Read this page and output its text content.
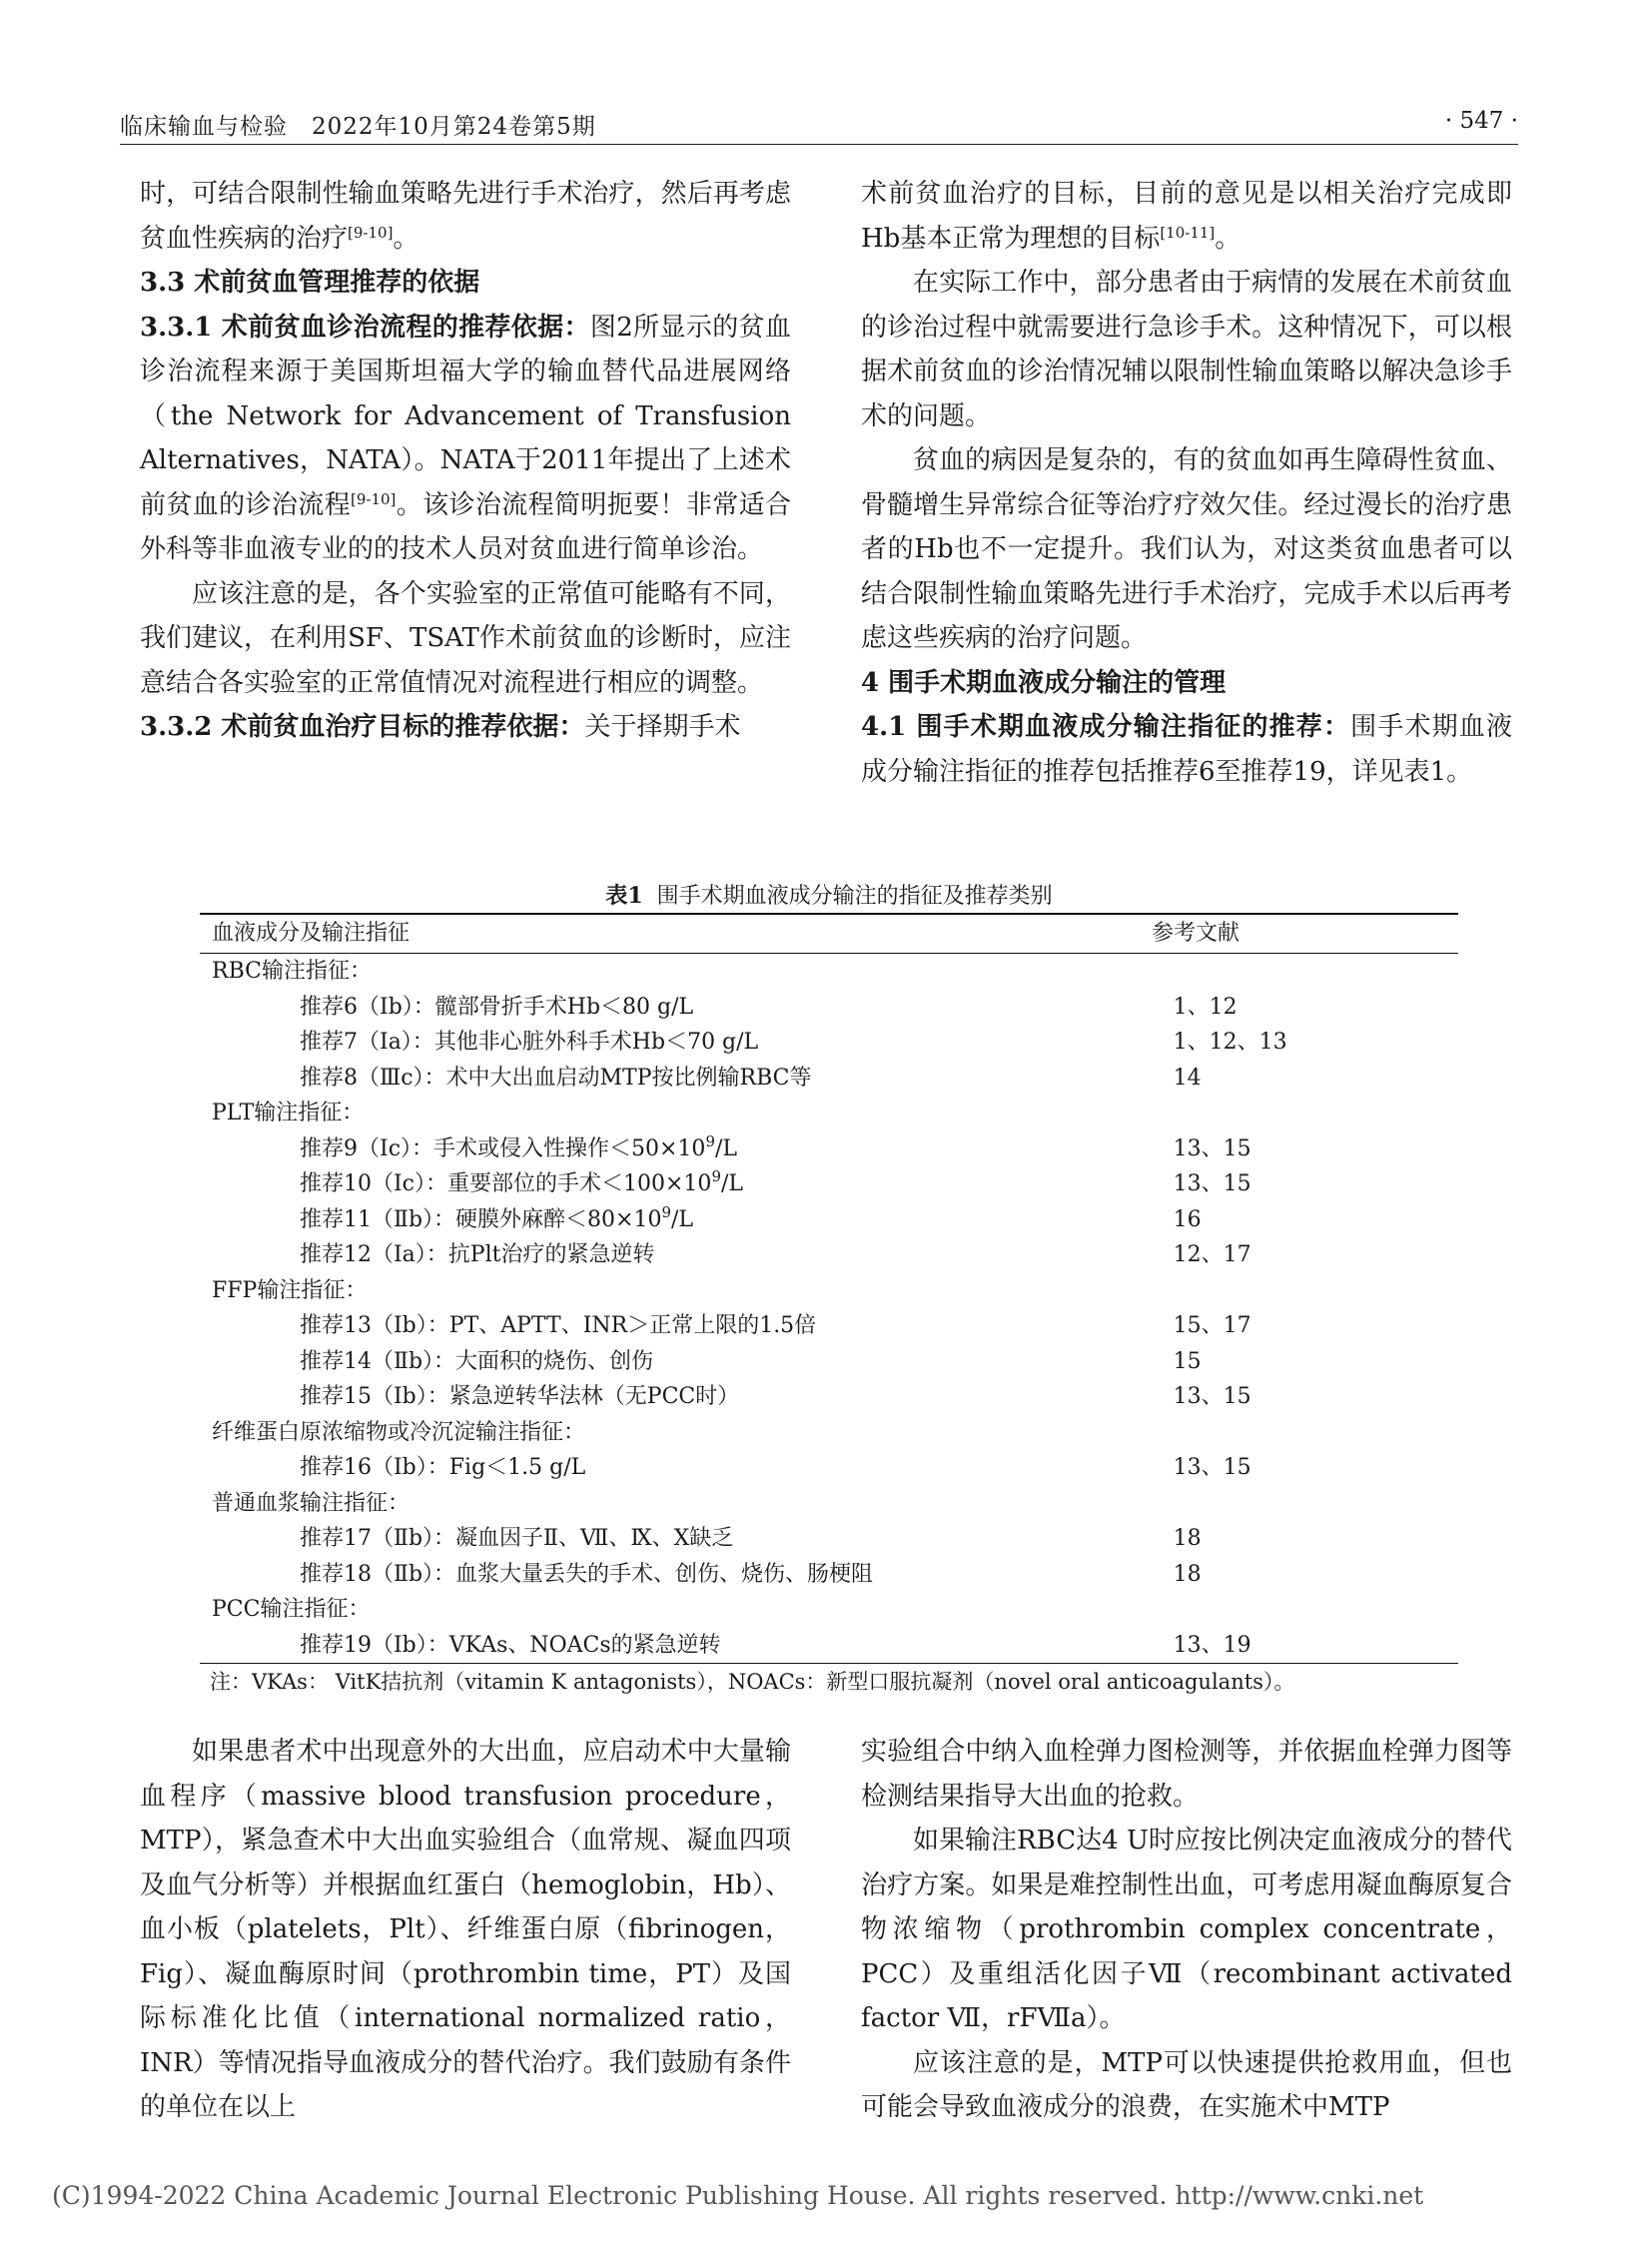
临床输血与检验　2022年10月第24卷第5期	· 547 ·

时，可结合限制性输血策略先进行手术治疗，然后再考虑贫血性疾病的治疗[9-10]。

3.3 术前贫血管理推荐的依据

3.3.1 术前贫血诊治流程的推荐依据：图2所显示的贫血诊治流程来源于美国斯坦福大学的输血替代品进展网络（the Network for Advancement of Transfusion Alternatives，NATA）。NATA于2011年提出了上述术前贫血的诊治流程[9-10]。该诊治流程简明扼要！非常适合外科等非血液专业的的技术人员对贫血进行简单诊治。

应该注意的是，各个实验室的正常值可能略有不同，我们建议，在利用SF、TSAT作术前贫血的诊断时，应注意结合各实验室的正常值情况对流程进行相应的调整。

3.3.2 术前贫血治疗目标的推荐依据：关于择期手术

术前贫血治疗的目标，目前的意见是以相关治疗完成即Hb基本正常为理想的目标[10-11]。

在实际工作中，部分患者由于病情的发展在术前贫血的诊治过程中就需要进行急诊手术。这种情况下，可以根据术前贫血的诊治情况辅以限制性输血策略以解决急诊手术的问题。

贫血的病因是复杂的，有的贫血如再生障碍性贫血、骨髓增生异常综合征等治疗疗效欠佳。经过漫长的治疗患者的Hb也不一定提升。我们认为，对这类贫血患者可以结合限制性输血策略先进行手术治疗，完成手术以后再考虑这些疾病的治疗问题。

4 围手术期血液成分输注的管理

4.1 围手术期血液成分输注指征的推荐：围手术期血液成分输注指征的推荐包括推荐6至推荐19，详见表1。

表1 围手术期血液成分输注的指征及推荐类别
血液成分及输注指征	参考文献
RBC输注指征：
推荐6（Ⅰb）：髋部骨折手术Hb＜80 g/L	1、12
推荐7（Ⅰa）：其他非心脏外科手术Hb＜70 g/L	1、12、13
推荐8（Ⅲc）：术中大出血启动MTP按比例输RBC等	14
PLT输注指征：
推荐9（Ⅰc）：手术或侵入性操作$<50\times 10^9/L$	13、15
推荐10（Ⅰc）：重要部位的手术$<100\times 10^9/L$	13、15
推荐11（Ⅱb）：硬膜外麻醉$<80\times 10^9/L$	16
推荐12（Ⅰa）：抗Plt治疗的紧急逆转	12、17
FFP输注指征：
推荐13（Ⅰb）：PT、APTT、INR＞正常上限的1.5倍	15、17
推荐14（Ⅱb）：大面积的烧伤、创伤	15
推荐15（Ⅰb）：紧急逆转华法林（无PCC时）	13、15
纤维蛋白原浓缩物或冷沉淀输注指征：
推荐16（Ⅰb）：Fig＜1.5 g/L	13、15
普通血浆输注指征：
推荐17（Ⅱb）：凝血因子Ⅱ、Ⅶ、Ⅸ、Ⅹ缺乏	18
推荐18（Ⅱb）：血浆大量丢失的手术、创伤、烧伤、肠梗阻	18
PCC输注指征：
推荐19（Ⅰb）：VKAs、NOACs的紧急逆转	13、19
注：VKAs： VitK拮抗剂（vitamin K antagonists），NOACs：新型口服抗凝剂（novel oral anticoagulants）。

如果患者术中出现意外的大出血，应启动术中大量输血程序（massive blood transfusion procedure，MTP），紧急查术中大出血实验组合（血常规、凝血四项及血气分析等）并根据血红蛋白（hemoglobin，Hb）、血小板（platelets，Plt）、纤维蛋白原（fibrinogen，Fig）、凝血酶原时间（prothrombin time，PT）及国际标准化比值（international normalized ratio，INR）等情况指导血液成分的替代治疗。我们鼓励有条件的单位在以上

实验组合中纳入血栓弹力图检测等，并依据血栓弹力图等检测结果指导大出血的抢救。

如果输注RBC达4 U时应按比例决定血液成分的替代治疗方案。如果是难控制性出血，可考虑用凝血酶原复合物浓缩物（prothrombin complex concentrate，PCC）及重组活化因子Ⅶ（recombinant activated factor Ⅶ，rFⅦa）。

应该注意的是，MTP可以快速提供抢救用血，但也可能会导致血液成分的浪费，在实施术中MTP

(C)1994-2022 China Academic Journal Electronic Publishing House. All rights reserved. http://www.cnki.net
